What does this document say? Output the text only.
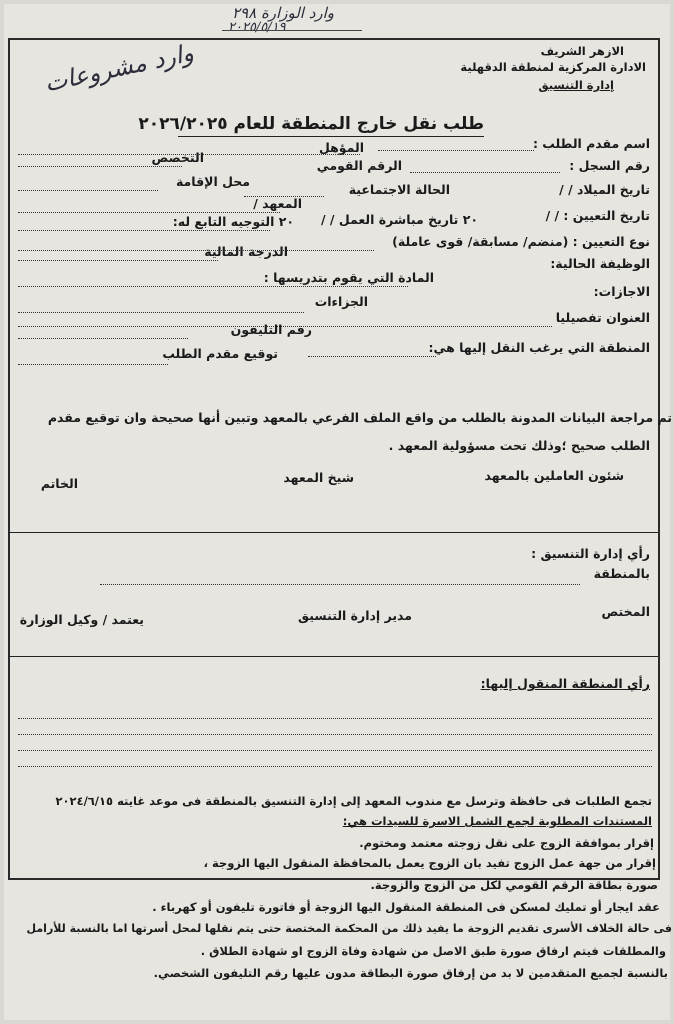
وارد الوزارة ٢٩٨
٢٠٢٥/٥/١٩
وارد مشروعات	الازهر الشريف
الادارة المركزية لمنطقة الدقهلية
إدارة التنسيق
طلب نقل خارج المنطقة للعام ٢٠٢٦/٢٠٢٥
اسم مقدم الطلب :
المؤهل
رقم السجل :
الرقم القومي
التخصص
تاريخ الميلاد / /
الحالة الاجتماعية
محل الإقامة
المعهد /
تاريخ التعيين : / /
٢٠ تاريخ مباشرة العمل / /
٢٠ التوجيه التابع له:
نوع التعيين : (منضم/ مسابقة/ قوى عاملة)
الوظيفة الحالية:
الدرجة المالية
المادة التي يقوم بتدريسها :
الاجازات:
الجزاءات
العنوان تفصيليا
رقم التليفون
المنطقة التي يرغب النقل إليها هي:
توقيع مقدم الطلب
تم مراجعة البيانات المدونة بالطلب من واقع الملف الفرعي بالمعهد وتبين أنها صحيحة وان توقيع مقدم
الطلب صحيح ؛وذلك تحت مسؤولية المعهد .
شئون العاملين بالمعهد
شيخ المعهد
الخاتم
رأي إدارة التنسيق :
بالمنطقة
المختص
مدير إدارة التنسيق
يعتمد / وكيل الوزارة
رأي المنطقة المنقول إليها:
تجمع الطلبات فى حافظة وترسل مع مندوب المعهد إلى إدارة التنسيق بالمنطقة فى موعد غايته ٢٠٢٤/٦/١٥
المستندات المطلوبة لجمع الشمل الاسرة للسيدات هي:
إقرار بموافقة الزوج على نقل زوجته معتمد ومختوم.
إقرار من جهة عمل الزوج تفيد بان الزوج يعمل بالمحافظة المنقول اليها الزوجة ،
صورة بطاقة الرقم القومي لكل من الزوج والزوجة.
عقد ايجار أو تمليك لمسكن فى المنطقة المنقول اليها الزوجة أو فاتورة تليفون أو كهرباء .
فى حالة الخلاف الأسرى تقديم الزوجة ما يفيد ذلك من المحكمة المختصة حتى يتم نقلها لمحل أسرتها اما بالنسبة للأرامل
والمطلقات فيتم ارفاق صورة طبق الاصل من شهادة وفاة الزوج او شهادة الطلاق .
بالنسبة لجميع المتقدمين لا بد من إرفاق صورة البطاقة مدون عليها رقم التليفون الشخصي.
